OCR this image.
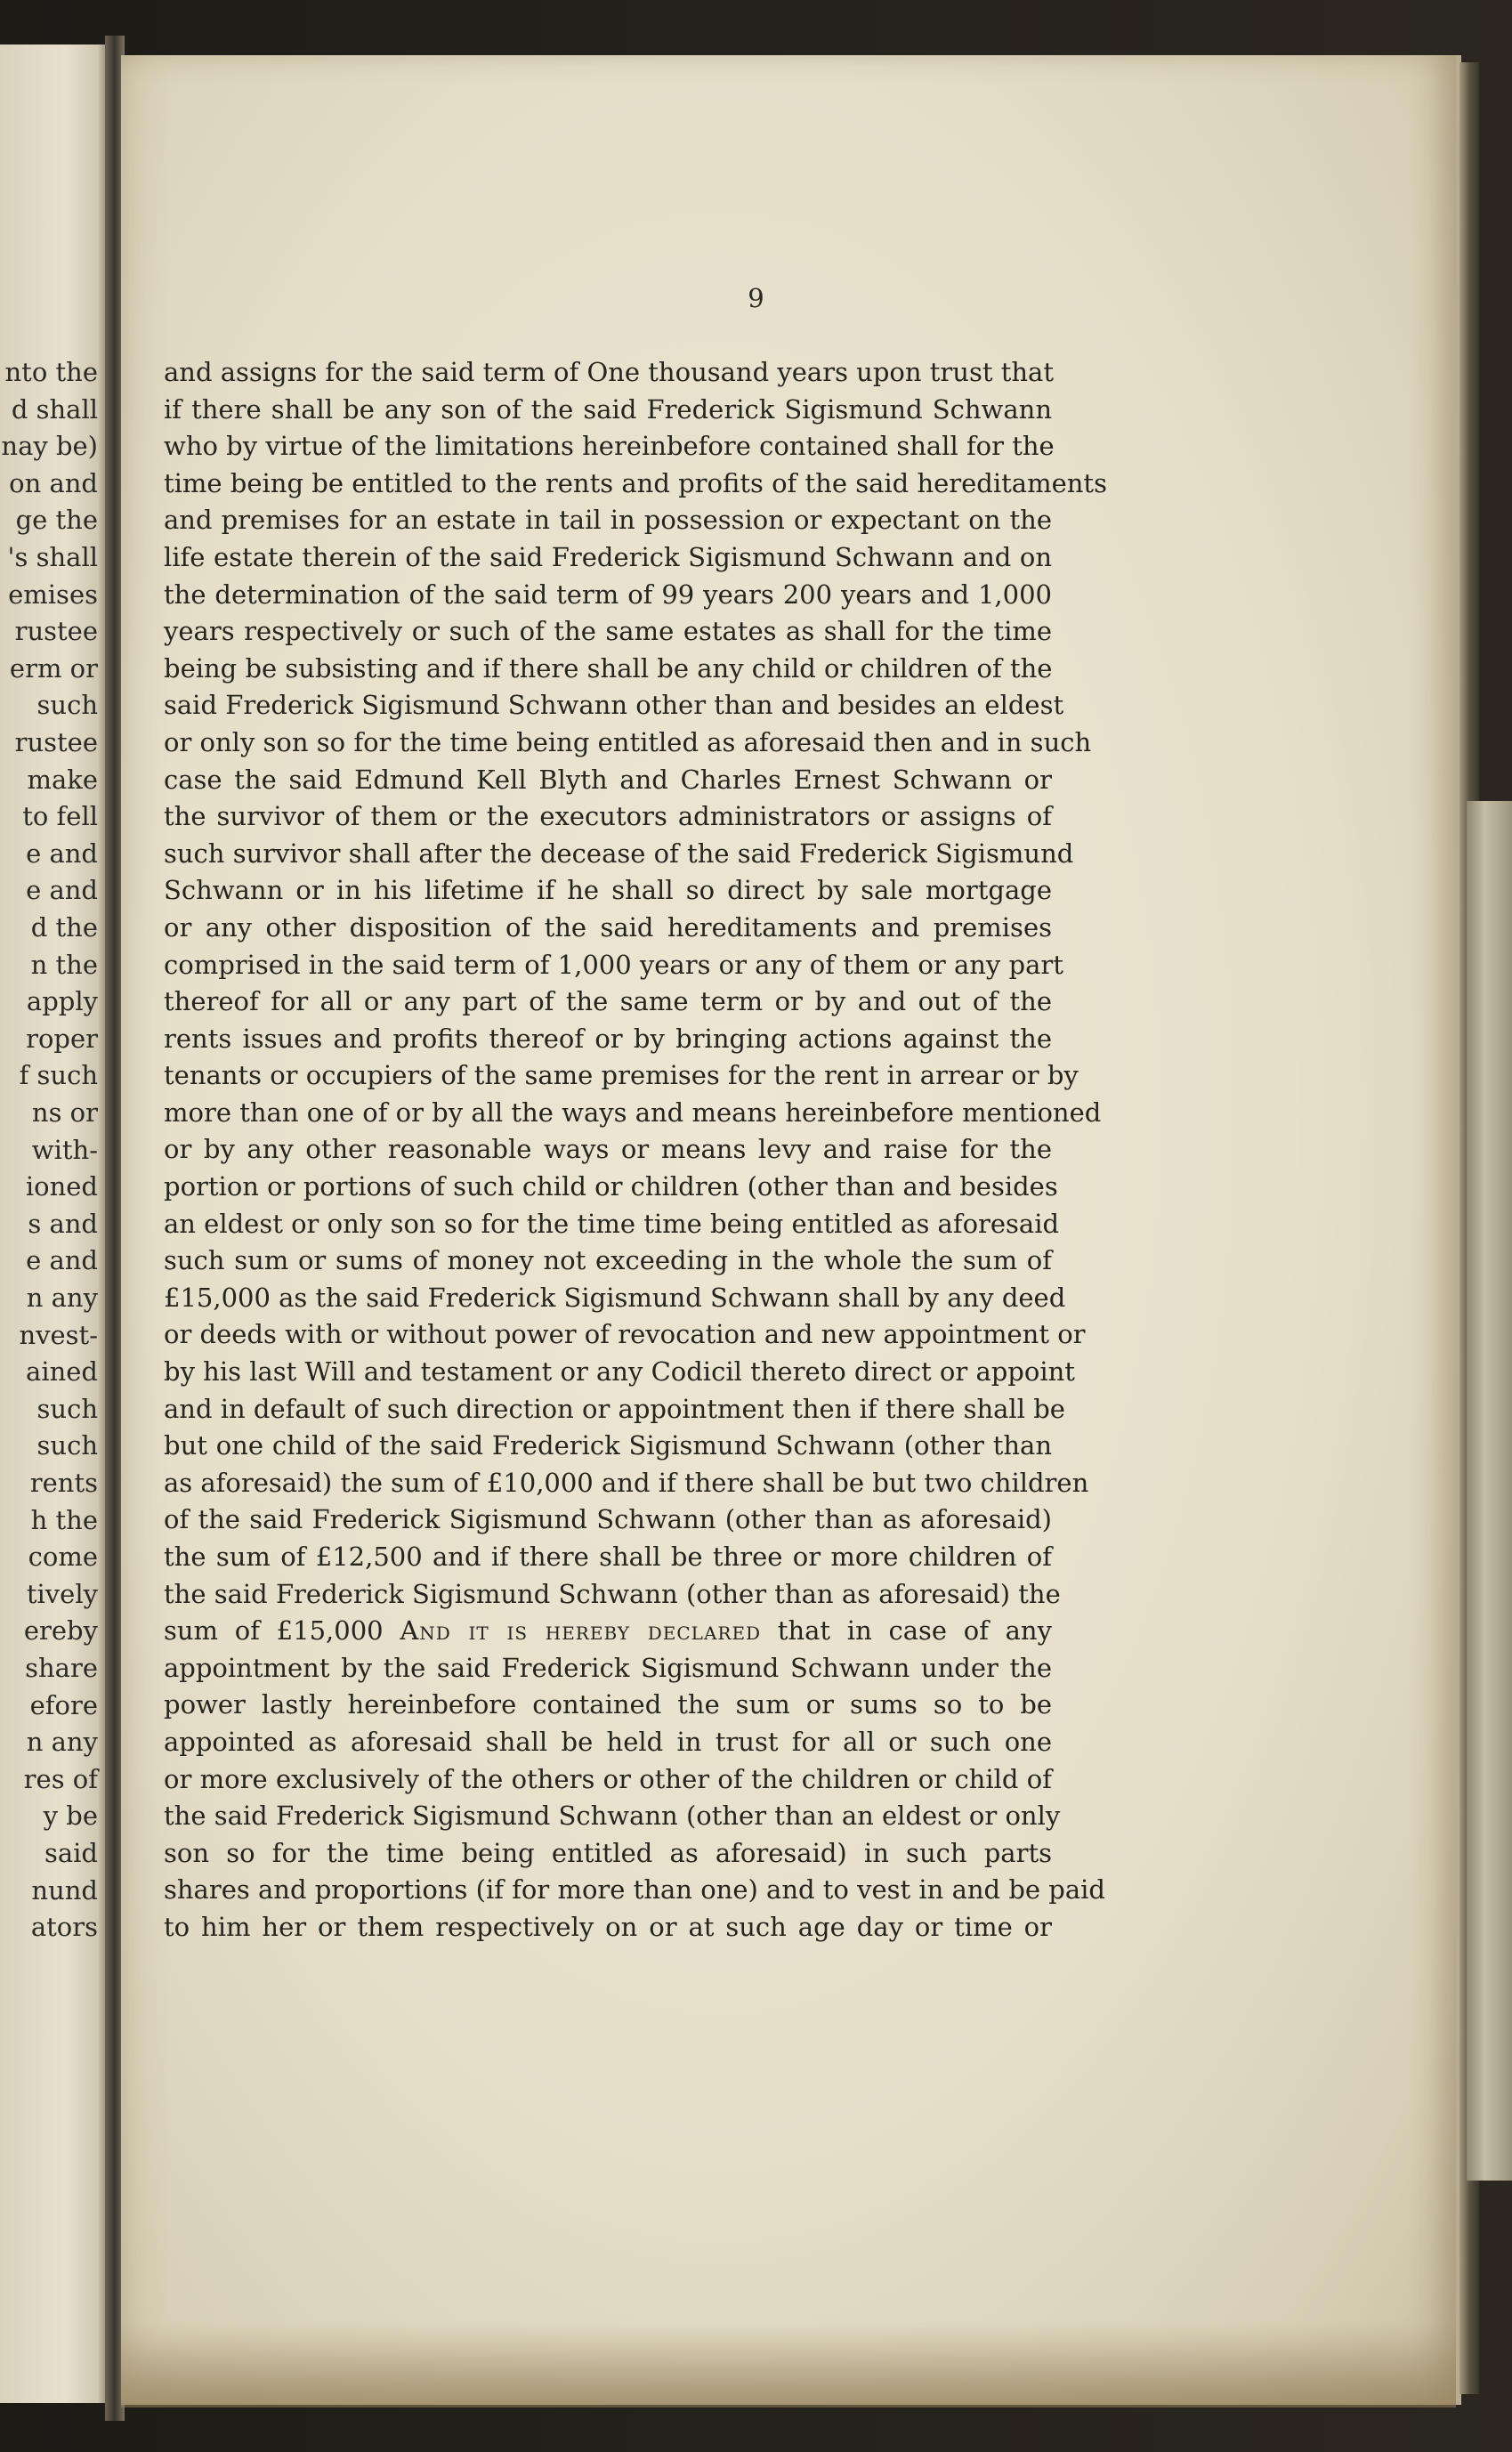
nto the
d shall
nay be)
on and
ge the
's shall
emises
rustee
erm or
such
rustee
make
to fell
e and
e and
d the
n the
apply
roper
f such
ns or
with-
ioned
s and
e and
n any
nvest-
ained
such
such
rents
h the
come
tively
ereby
share
efore
n any
res of
y be
said
nund
ators
9
and assigns for the said term of One thousand years upon trust that
if there shall be any son of the said Frederick Sigismund Schwann
who by virtue of the limitations hereinbefore contained shall for the
time being be entitled to the rents and profits of the said hereditaments
and premises for an estate in tail in possession or expectant on the
life estate therein of the said Frederick Sigismund Schwann and on
the determination of the said term of 99 years 200 years and 1,000
years respectively or such of the same estates as shall for the time
being be subsisting and if there shall be any child or children of the
said Frederick Sigismund Schwann other than and besides an eldest
or only son so for the time being entitled as aforesaid then and in such
case the said Edmund Kell Blyth and Charles Ernest Schwann or
the survivor of them or the executors administrators or assigns of
such survivor shall after the decease of the said Frederick Sigismund
Schwann or in his lifetime if he shall so direct by sale mortgage
or any other disposition of the said hereditaments and premises
comprised in the said term of 1,000 years or any of them or any part
thereof for all or any part of the same term or by and out of the
rents issues and profits thereof or by bringing actions against the
tenants or occupiers of the same premises for the rent in arrear or by
more than one of or by all the ways and means hereinbefore mentioned
or by any other reasonable ways or means levy and raise for the
portion or portions of such child or children (other than and besides
an eldest or only son so for the time time being entitled as aforesaid
such sum or sums of money not exceeding in the whole the sum of
£15,000 as the said Frederick Sigismund Schwann shall by any deed
or deeds with or without power of revocation and new appointment or
by his last Will and testament or any Codicil thereto direct or appoint
and in default of such direction or appointment then if there shall be
but one child of the said Frederick Sigismund Schwann (other than
as aforesaid) the sum of £10,000 and if there shall be but two children
of the said Frederick Sigismund Schwann (other than as aforesaid)
the sum of £12,500 and if there shall be three or more children of
the said Frederick Sigismund Schwann (other than as aforesaid) the
sum of £15,000 And it is hereby declared that in case of any
appointment by the said Frederick Sigismund Schwann under the
power lastly hereinbefore contained the sum or sums so to be
appointed as aforesaid shall be held in trust for all or such one
or more exclusively of the others or other of the children or child of
the said Frederick Sigismund Schwann (other than an eldest or only
son so for the time being entitled as aforesaid) in such parts
shares and proportions (if for more than one) and to vest in and be paid
to him her or them respectively on or at such age day or time or
